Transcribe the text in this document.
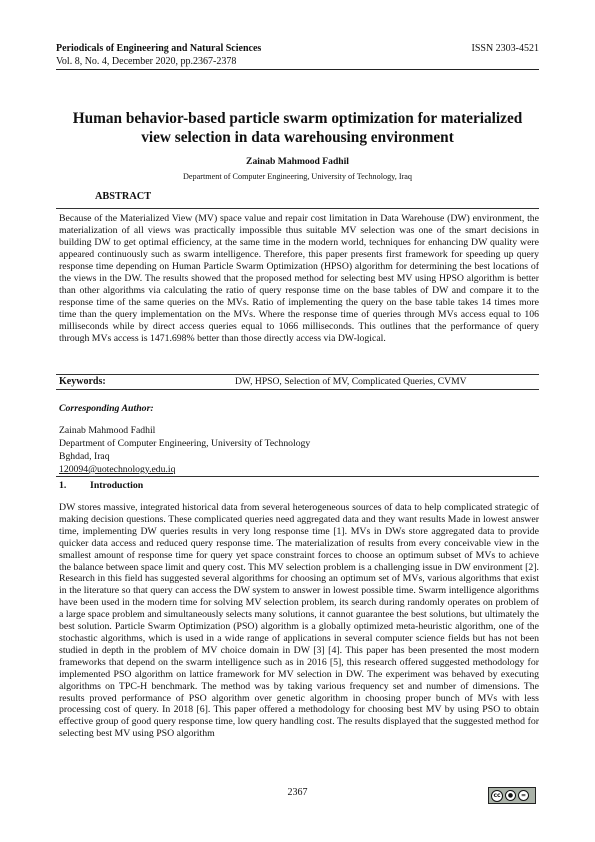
Periodicals of Engineering and Natural Sciences
Vol. 8, No. 4, December 2020, pp.2367-2378
ISSN 2303-4521
Human behavior-based particle swarm optimization for materialized view selection in data warehousing environment
Zainab Mahmood Fadhil
Department of Computer Engineering, University of Technology, Iraq
ABSTRACT
Because of the Materialized View (MV) space value and repair cost limitation in Data Warehouse (DW) environment, the materialization of all views was practically impossible thus suitable MV selection was one of the smart decisions in building DW to get optimal efficiency, at the same time in the modern world, techniques for enhancing DW quality were appeared continuously such as swarm intelligence. Therefore, this paper presents first framework for speeding up query response time depending on Human Particle Swarm Optimization (HPSO) algorithm for determining the best locations of the views in the DW. The results showed that the proposed method for selecting best MV using HPSO algorithm is better than other algorithms via calculating the ratio of query response time on the base tables of DW and compare it to the response time of the same queries on the MVs. Ratio of implementing the query on the base table takes 14 times more time than the query implementation on the MVs. Where the response time of queries through MVs access equal to 106 milliseconds while by direct access queries equal to 1066 milliseconds. This outlines that the performance of query through MVs access is 1471.698% better than those directly access via DW-logical.
Keywords:	DW, HPSO, Selection of MV, Complicated Queries, CVMV
Corresponding Author:
Zainab Mahmood Fadhil
Department of Computer Engineering, University of Technology
Bghdad, Iraq
120094@uotechnology.edu.iq
1. Introduction
DW stores massive, integrated historical data from several heterogeneous sources of data to help complicated strategic of making decision questions. These complicated queries need aggregated data and they want results Made in lowest answer time, implementing DW queries results in very long response time [1]. MVs in DWs store aggregated data to provide quicker data access and reduced query response time. The materialization of results from every conceivable view in the smallest amount of response time for query yet space constraint forces to choose an optimum subset of MVs to achieve the balance between space limit and query cost. This MV selection problem is a challenging issue in DW environment [2]. Research in this field has suggested several algorithms for choosing an optimum set of MVs, various algorithms that exist in the literature so that query can access the DW system to answer in lowest possible time. Swarm intelligence algorithms have been used in the modern time for solving MV selection problem, its search during randomly operates on problem of a large space problem and simultaneously selects many solutions, it cannot guarantee the best solutions, but ultimately the best solution. Particle Swarm Optimization (PSO) algorithm is a globally optimized meta-heuristic algorithm, one of the stochastic algorithms, which is used in a wide range of applications in several computer science fields but has not been studied in depth in the problem of MV choice domain in DW [3] [4]. This paper has been presented the most modern frameworks that depend on the swarm intelligence such as in 2016 [5], this research offered suggested methodology for implemented PSO algorithm on lattice framework for MV selection in DW. The experiment was behaved by executing algorithms on TPC-H benchmark. The method was by taking various frequency set and number of dimensions. The results proved performance of PSO algorithm over genetic algorithm in choosing proper bunch of MVs with less processing cost of query. In 2018 [6]. This paper offered a methodology for choosing best MV by using PSO to obtain effective group of good query response time, low query handling cost. The results displayed that the suggested method for selecting best MV using PSO algorithm
2367	cc	●	=
